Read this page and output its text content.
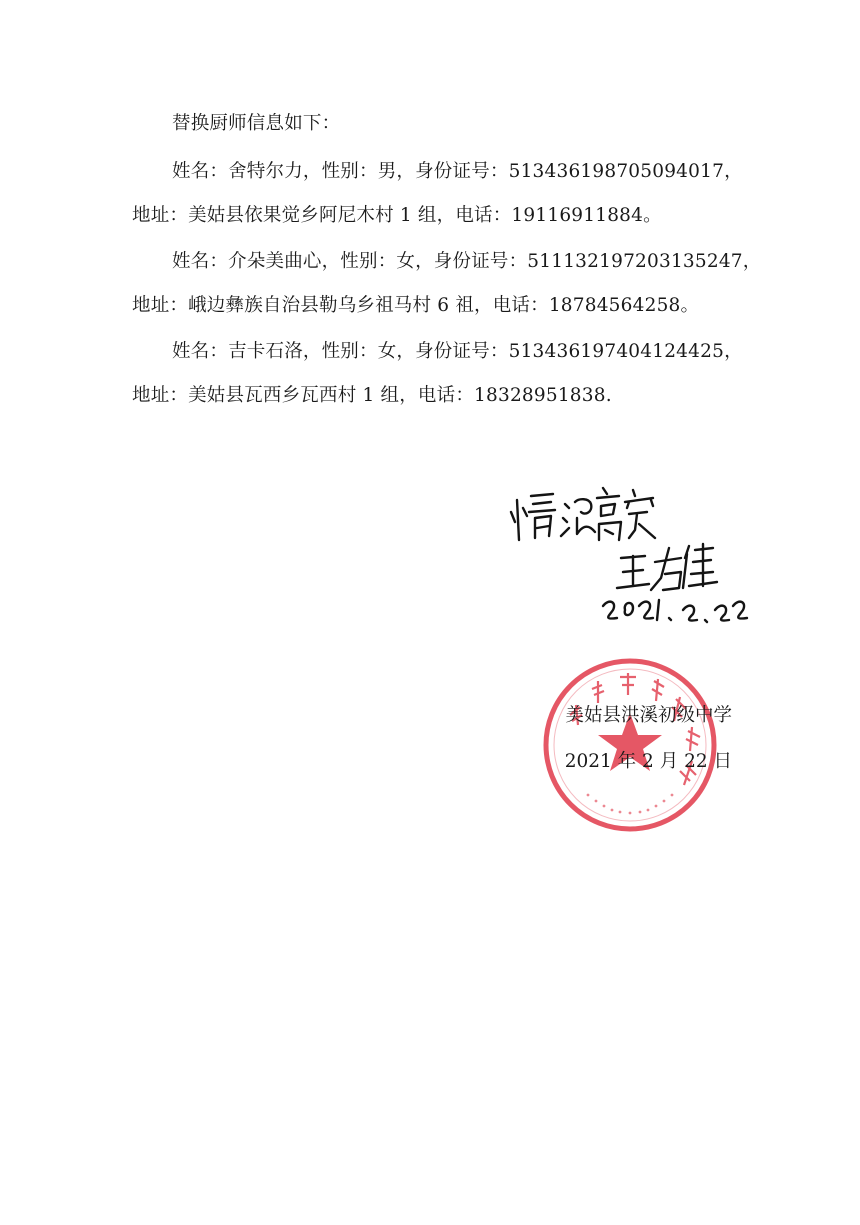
替换厨师信息如下：
姓名：舍特尔力，性别：男，身份证号：513436198705094017，
地址：美姑县依果觉乡阿尼木村 1 组，电话：19116911884。
姓名：介朵美曲心，性别：女，身份证号：511132197203135247，
地址：峨边彝族自治县勒乌乡祖马村 6 祖，电话：18784564258。
姓名：吉卡石洛，性别：女，身份证号：513436197404124425，
地址：美姑县瓦西乡瓦西村 1 组，电话：18328951838.
美姑县洪溪初级中学
2021 年 2 月 22 日
